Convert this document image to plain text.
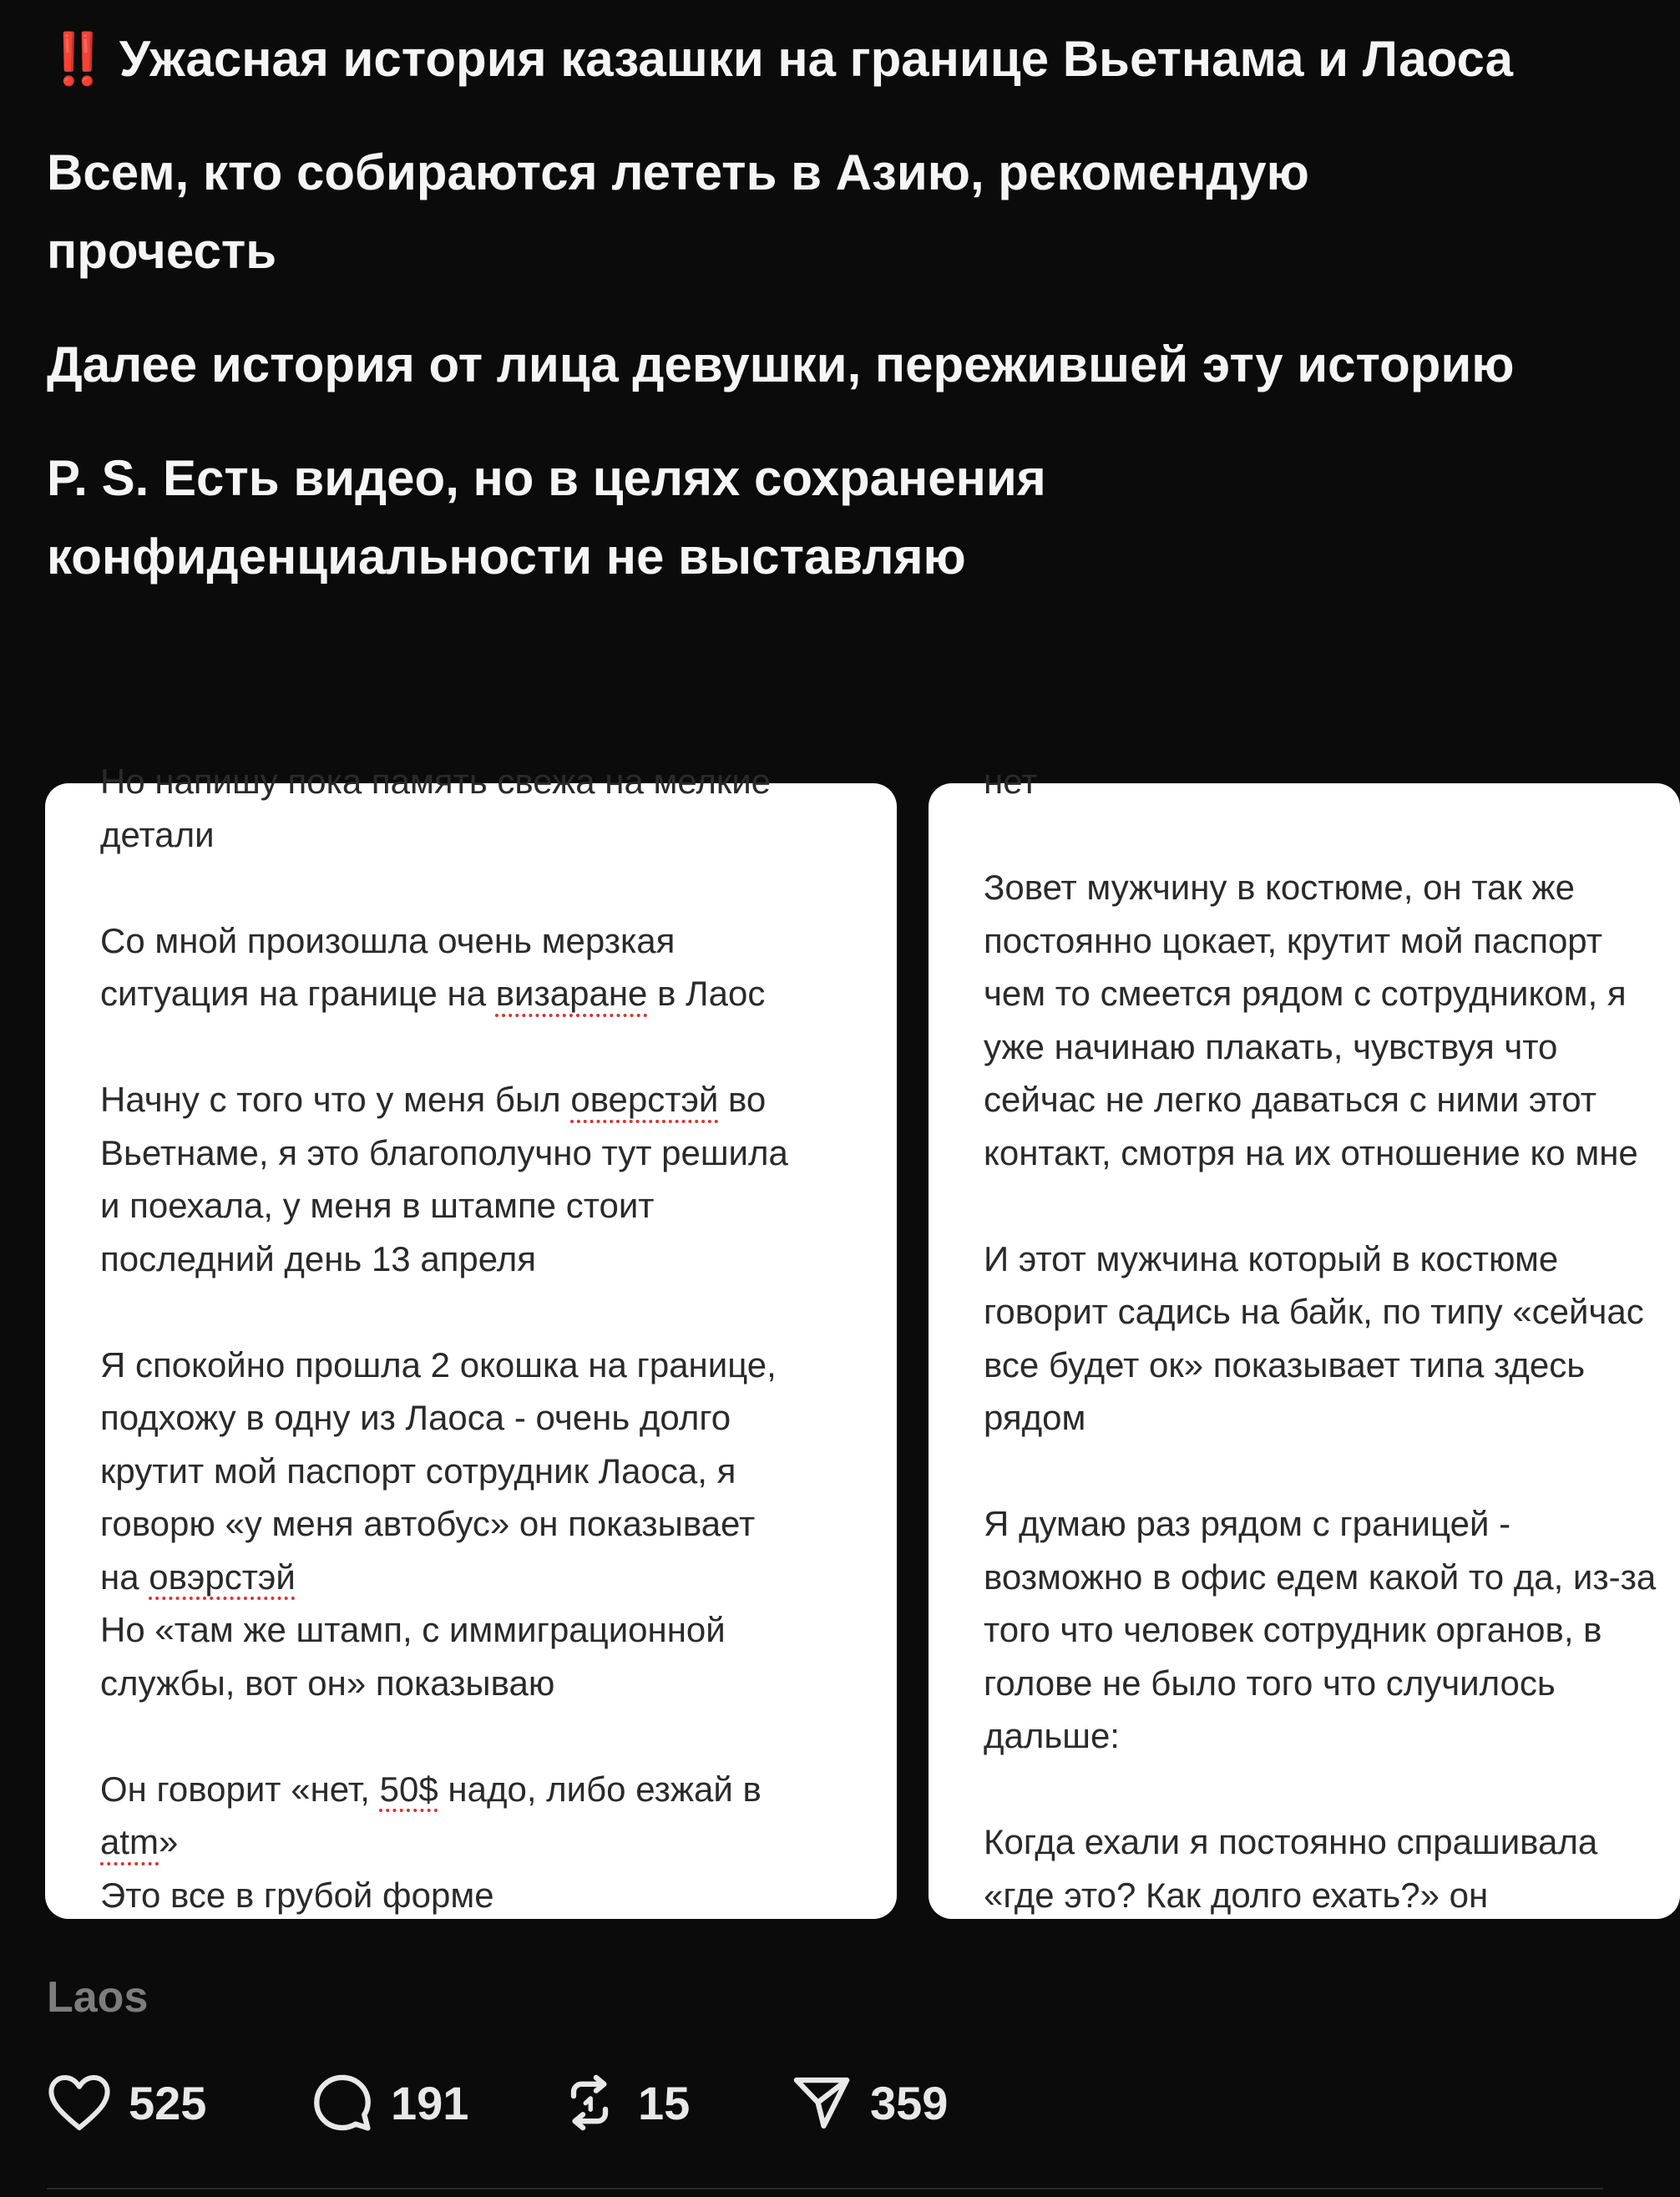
‼️ Ужасная история казашки на границе Вьетнама и Лаоса

Всем, кто собираются лететь в Азию, рекомендую прочесть

Далее история от лица девушки, пережившей эту историю

P. S. Есть видео, но в целях сохранения конфиденциальности не выставляю

Но напишу пока память свежа на мелкие
детали

Со мной произошла очень мерзкая
ситуация на границе на визаране в Лаос

Начну с того что у меня был оверстэй во
Вьетнаме, я это благополучно тут решила
и поехала, у меня в штампе стоит
последний день 13 апреля

Я спокойно прошла 2 окошка на границе,
подхожу в одну из Лаоса - очень долго
крутит мой паспорт сотрудник Лаоса, я
говорю «у меня автобус» он показывает
на овэрстэй
Но «там же штамп, с иммиграционной
службы, вот он» показываю

Он говорит «нет, 50$ надо, либо езжай в
atm»
Это все в грубой форме
нет

Зовет мужчину в костюме, он так же
постоянно цокает, крутит мой паспорт
чем то смеется рядом с сотрудником, я
уже начинаю плакать, чувствуя что
сейчас не легко даваться с ними этот
контакт, смотря на их отношение ко мне

И этот мужчина который в костюме
говорит садись на байк, по типу «сейчас
все будет ок» показывает типа здесь
рядом

Я думаю раз рядом с границей -
возможно в офис едем какой то да, из-за
того что человек сотрудник органов, в
голове не было того что случилось
дальше:

Когда ехали я постоянно спрашивала
«где это? Как долго ехать?» он
Laos
525	191	15	359
